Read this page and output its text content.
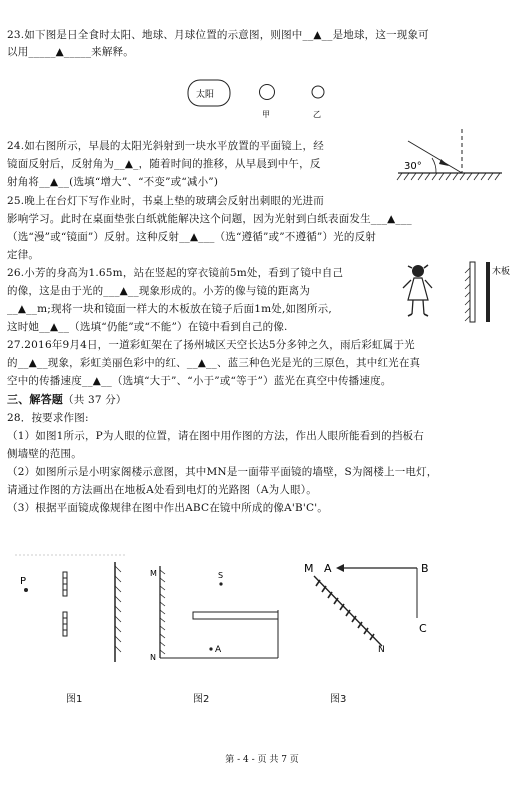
23.如下图是日全食时太阳、地球、月球位置的示意图，则图中__▲__是地球，这一现象可
以用_____▲_____来解释。
太阳
甲	乙
24.如右图所示，早晨的太阳光斜射到一块水平放置的平面镜上，经
镜面反射后，反射角为__▲_，随着时间的推移，从早晨到中午，反
射角将__▲__(选填“增大”、“不变”或“减小”)
30°
25.晚上在台灯下写作业时，书桌上垫的玻璃会反射出刺眼的光进而
影响学习。此时在桌面垫张白纸就能解决这个问题，因为光射到白纸表面发生___▲___
（选“漫”或“镜面”）反射。这种反射__▲___（选“遵循”或”不遵循”）光的反射
定律。
26.小芳的身高为1.65m，站在竖起的穿衣镜前5m处，看到了镜中自己
的像，这是由于光的___▲__现象形成的。小芳的像与镜的距离为
__▲__m;现将一块和镜面一样大的木板放在镜子后面1m处,如图所示,
这时她__▲__（选填“仍能”或“不能”）在镜中看到自己的像.
木板
27.2016年9月4日，一道彩虹架在了扬州城区天空长达5分多钟之久，雨后彩虹属于光
的__▲__现象，彩虹美丽色彩中的红、__▲__、蓝三种色光是光的三原色，其中红光在真
空中的传播速度__▲__（选填“大于”、“小于”或“等于”）蓝光在真空中传播速度。
三、解答题（共 37 分）
28．按要求作图:
（1）如图1所示，P为人眼的位置，请在图中用作图的方法，作出人眼所能看到的挡板右
侧墙壁的范围。
（2）如图所示是小明家阁楼示意图，其中MN是一面带平面镜的墙壁，S为阁楼上一电灯，
请通过作图的方法画出在地板A处看到电灯的光路图（A为人眼）。
（3）根据平面镜成像规律在图中作出ABC在镜中所成的像A'B'C'。
P
图1
M
N
S
A
图2
M A	B
C
N
图3
第 - 4 - 页 共 7 页
